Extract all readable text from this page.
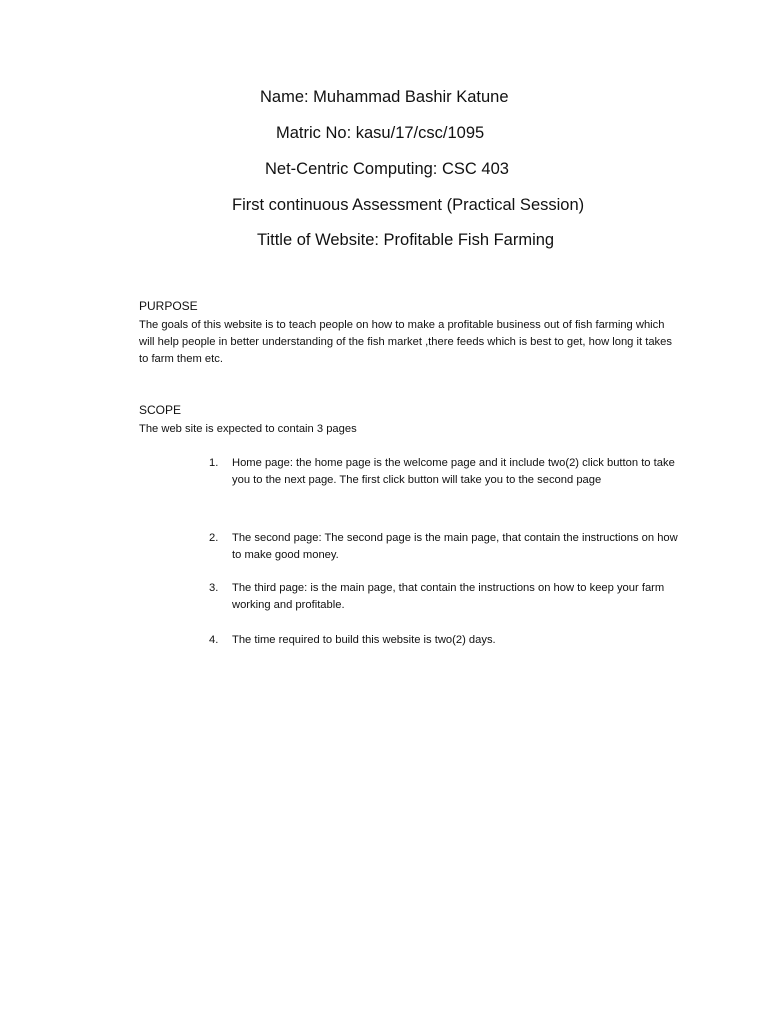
Name: Muhammad Bashir Katune
Matric No: kasu/17/csc/1095
Net-Centric Computing: CSC 403
First continuous Assessment (Practical Session)
Tittle of Website: Profitable Fish Farming
PURPOSE
The goals of this website is to teach people on how to make a profitable business out of fish farming which will help people in better understanding of the fish market ,there feeds which is best to get, how long it takes to farm them etc.
SCOPE
The web site is expected to contain 3 pages
1.	Home page: the home page is the welcome page and it include two(2) click button to take you to the next page. The first click button will take you to the second page
2.	The second page: The second page is the main page, that contain the instructions on how to make good money.
3.	The third page: is the main page, that contain the instructions on how to keep your farm working and profitable.
4.	The time required to build this website is two(2) days.
